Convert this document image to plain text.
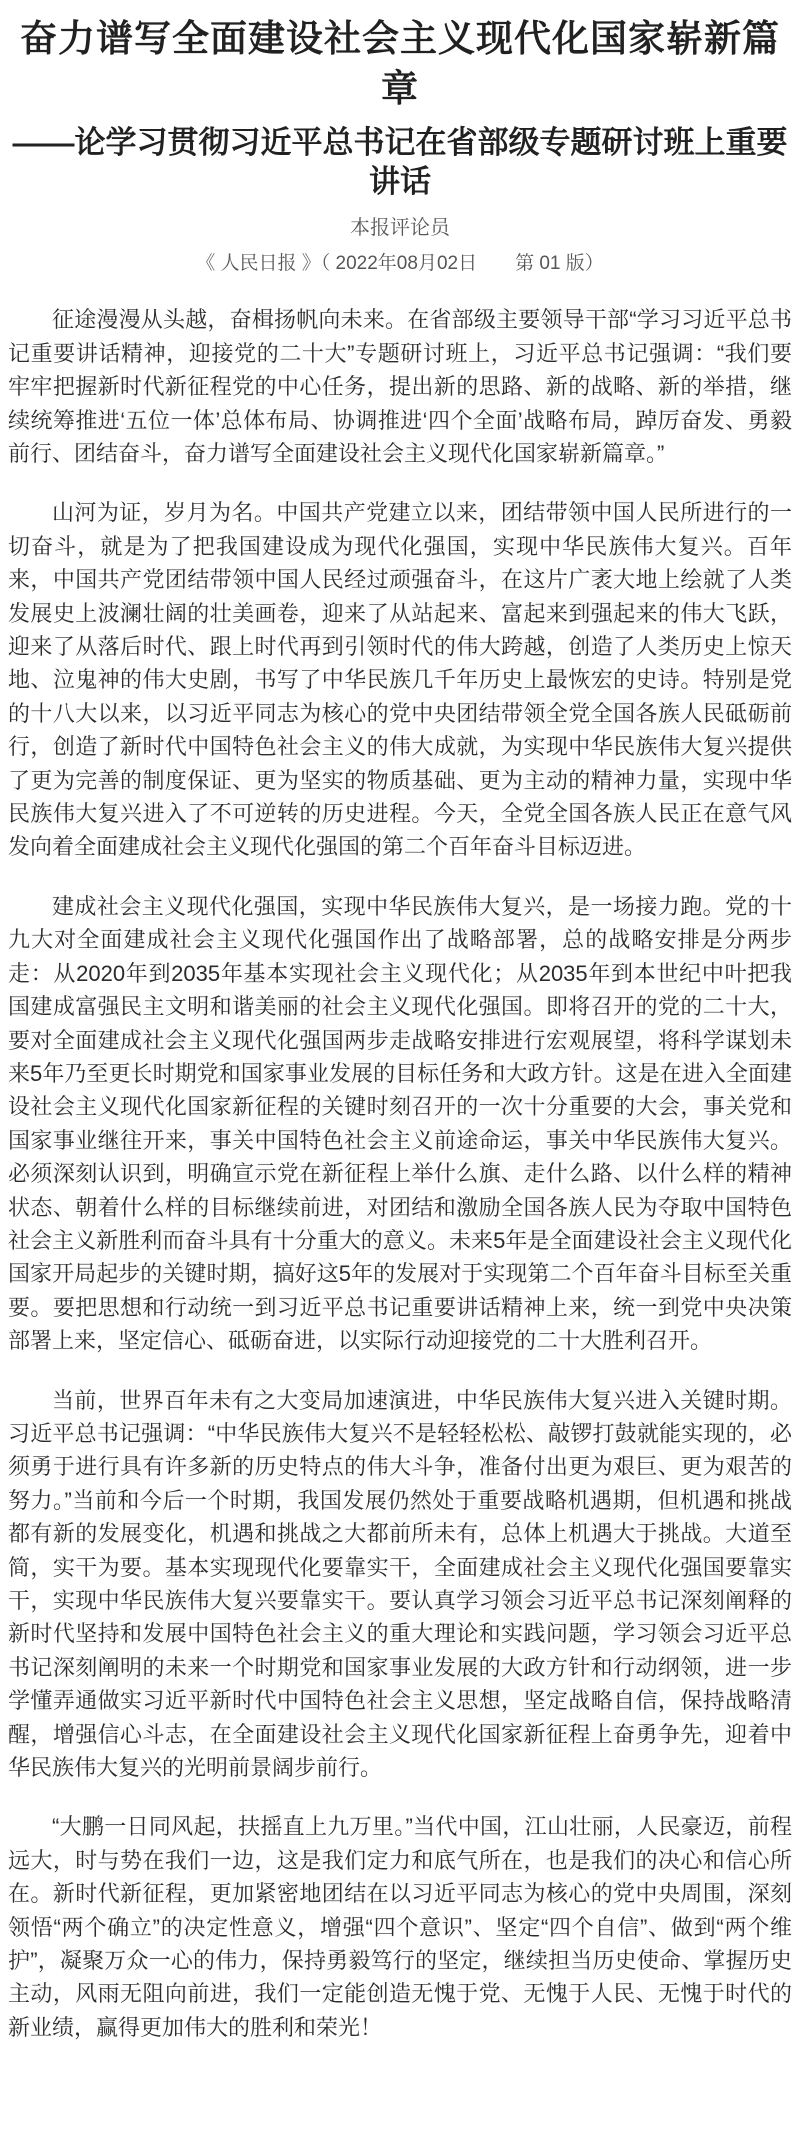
奋力谱写全面建设社会主义现代化国家崭新篇章
——论学习贯彻习近平总书记在省部级专题研讨班上重要讲话
本报评论员
《 人民日报 》（ 2022年08月02日　　第 01 版）

征途漫漫从头越，奋楫扬帆向未来。在省部级主要领导干部“学习习近平总书记重要讲话精神，迎接党的二十大”专题研讨班上，习近平总书记强调：“我们要牢牢把握新时代新征程党的中心任务，提出新的思路、新的战略、新的举措，继续统筹推进‘五位一体’总体布局、协调推进‘四个全面’战略布局，踔厉奋发、勇毅前行、团结奋斗，奋力谱写全面建设社会主义现代化国家崭新篇章。”

山河为证，岁月为名。中国共产党建立以来，团结带领中国人民所进行的一切奋斗，就是为了把我国建设成为现代化强国，实现中华民族伟大复兴。百年来，中国共产党团结带领中国人民经过顽强奋斗，在这片广袤大地上绘就了人类发展史上波澜壮阔的壮美画卷，迎来了从站起来、富起来到强起来的伟大飞跃，迎来了从落后时代、跟上时代再到引领时代的伟大跨越，创造了人类历史上惊天地、泣鬼神的伟大史剧，书写了中华民族几千年历史上最恢宏的史诗。特别是党的十八大以来，以习近平同志为核心的党中央团结带领全党全国各族人民砥砺前行，创造了新时代中国特色社会主义的伟大成就，为实现中华民族伟大复兴提供了更为完善的制度保证、更为坚实的物质基础、更为主动的精神力量，实现中华民族伟大复兴进入了不可逆转的历史进程。今天，全党全国各族人民正在意气风发向着全面建成社会主义现代化强国的第二个百年奋斗目标迈进。

建成社会主义现代化强国，实现中华民族伟大复兴，是一场接力跑。党的十九大对全面建成社会主义现代化强国作出了战略部署，总的战略安排是分两步走：从2020年到2035年基本实现社会主义现代化；从2035年到本世纪中叶把我国建成富强民主文明和谐美丽的社会主义现代化强国。即将召开的党的二十大，要对全面建成社会主义现代化强国两步走战略安排进行宏观展望，将科学谋划未来5年乃至更长时期党和国家事业发展的目标任务和大政方针。这是在进入全面建设社会主义现代化国家新征程的关键时刻召开的一次十分重要的大会，事关党和国家事业继往开来，事关中国特色社会主义前途命运，事关中华民族伟大复兴。必须深刻认识到，明确宣示党在新征程上举什么旗、走什么路、以什么样的精神状态、朝着什么样的目标继续前进，对团结和激励全国各族人民为夺取中国特色社会主义新胜利而奋斗具有十分重大的意义。未来5年是全面建设社会主义现代化国家开局起步的关键时期，搞好这5年的发展对于实现第二个百年奋斗目标至关重要。要把思想和行动统一到习近平总书记重要讲话精神上来，统一到党中央决策部署上来，坚定信心、砥砺奋进，以实际行动迎接党的二十大胜利召开。

当前，世界百年未有之大变局加速演进，中华民族伟大复兴进入关键时期。习近平总书记强调：“中华民族伟大复兴不是轻轻松松、敲锣打鼓就能实现的，必须勇于进行具有许多新的历史特点的伟大斗争，准备付出更为艰巨、更为艰苦的努力。”当前和今后一个时期，我国发展仍然处于重要战略机遇期，但机遇和挑战都有新的发展变化，机遇和挑战之大都前所未有，总体上机遇大于挑战。大道至简，实干为要。基本实现现代化要靠实干，全面建成社会主义现代化强国要靠实干，实现中华民族伟大复兴要靠实干。要认真学习领会习近平总书记深刻阐释的新时代坚持和发展中国特色社会主义的重大理论和实践问题，学习领会习近平总书记深刻阐明的未来一个时期党和国家事业发展的大政方针和行动纲领，进一步学懂弄通做实习近平新时代中国特色社会主义思想，坚定战略自信，保持战略清醒，增强信心斗志，在全面建设社会主义现代化国家新征程上奋勇争先，迎着中华民族伟大复兴的光明前景阔步前行。

“大鹏一日同风起，扶摇直上九万里。”当代中国，江山壮丽，人民豪迈，前程远大，时与势在我们一边，这是我们定力和底气所在，也是我们的决心和信心所在。新时代新征程，更加紧密地团结在以习近平同志为核心的党中央周围，深刻领悟“两个确立”的决定性意义，增强“四个意识”、坚定“四个自信”、做到“两个维护”，凝聚万众一心的伟力，保持勇毅笃行的坚定，继续担当历史使命、掌握历史主动，风雨无阻向前进，我们一定能创造无愧于党、无愧于人民、无愧于时代的新业绩，赢得更加伟大的胜利和荣光！
